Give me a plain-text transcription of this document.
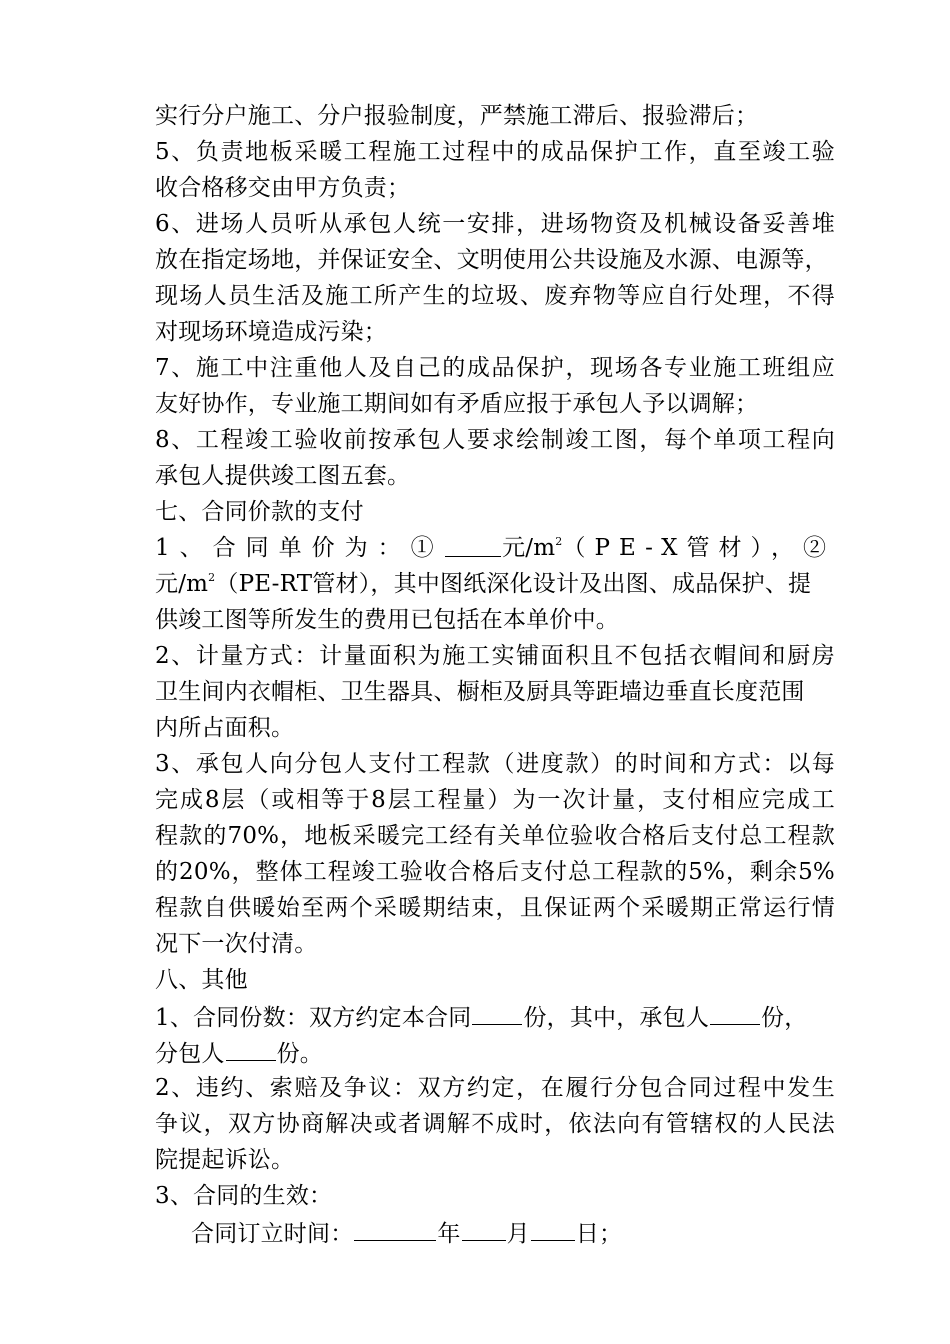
实行分户施工、分户报验制度，严禁施工滞后、报验滞后；
5、负责地板采暖工程施工过程中的成品保护工作，直至竣工验
收合格移交由甲方负责；
6、进场人员听从承包人统一安排，进场物资及机械设备妥善堆
放在指定场地，并保证安全、文明使用公共设施及水源、电源等，
现场人员生活及施工所产生的垃圾、废弃物等应自行处理，不得
对现场环境造成污染；
7、施工中注重他人及自己的成品保护，现场各专业施工班组应
友好协作，专业施工期间如有矛盾应报于承包人予以调解；
8、工程竣工验收前按承包人要求绘制竣工图，每个单项工程向
承包人提供竣工图五套。
七、合同价款的支付
1、合同单价为：①	元$/m^2$ （PE-X管材），②
元$/m^2(PE-RT$管材），其中图纸深化设计及出图、成品保护、提
供竣工图等所发生的费用已包括在本单价中。
2、计量方式：计量面积为施工实铺面积且不包括衣帽间和厨房
卫生间内衣帽柜、卫生器具、橱柜及厨具等距墙边垂直长度范围
内所占面积。
3、承包人向分包人支付工程款（进度款）的时间和方式：以每
完成8层（或相等于8层工程量）为一次计量，支付相应完成工
程款的70%，地板采暖完工经有关单位验收合格后支付总工程款
的20%，整体工程竣工验收合格后支付总工程款的5%，剩余5%
程款自供暖始至两个采暖期结束，且保证两个采暖期正常运行情
况下一次付清。
八、其他
1、合同份数：双方约定本合同 份，其中，承包人 份，
分包人 份。
2、违约、索赔及争议：双方约定，在履行分包合同过程中发生
争议，双方协商解决或者调解不成时，依法向有管辖权的人民法
院提起诉讼。
3、合同的生效：
合同订立时间：	年 月 日；
